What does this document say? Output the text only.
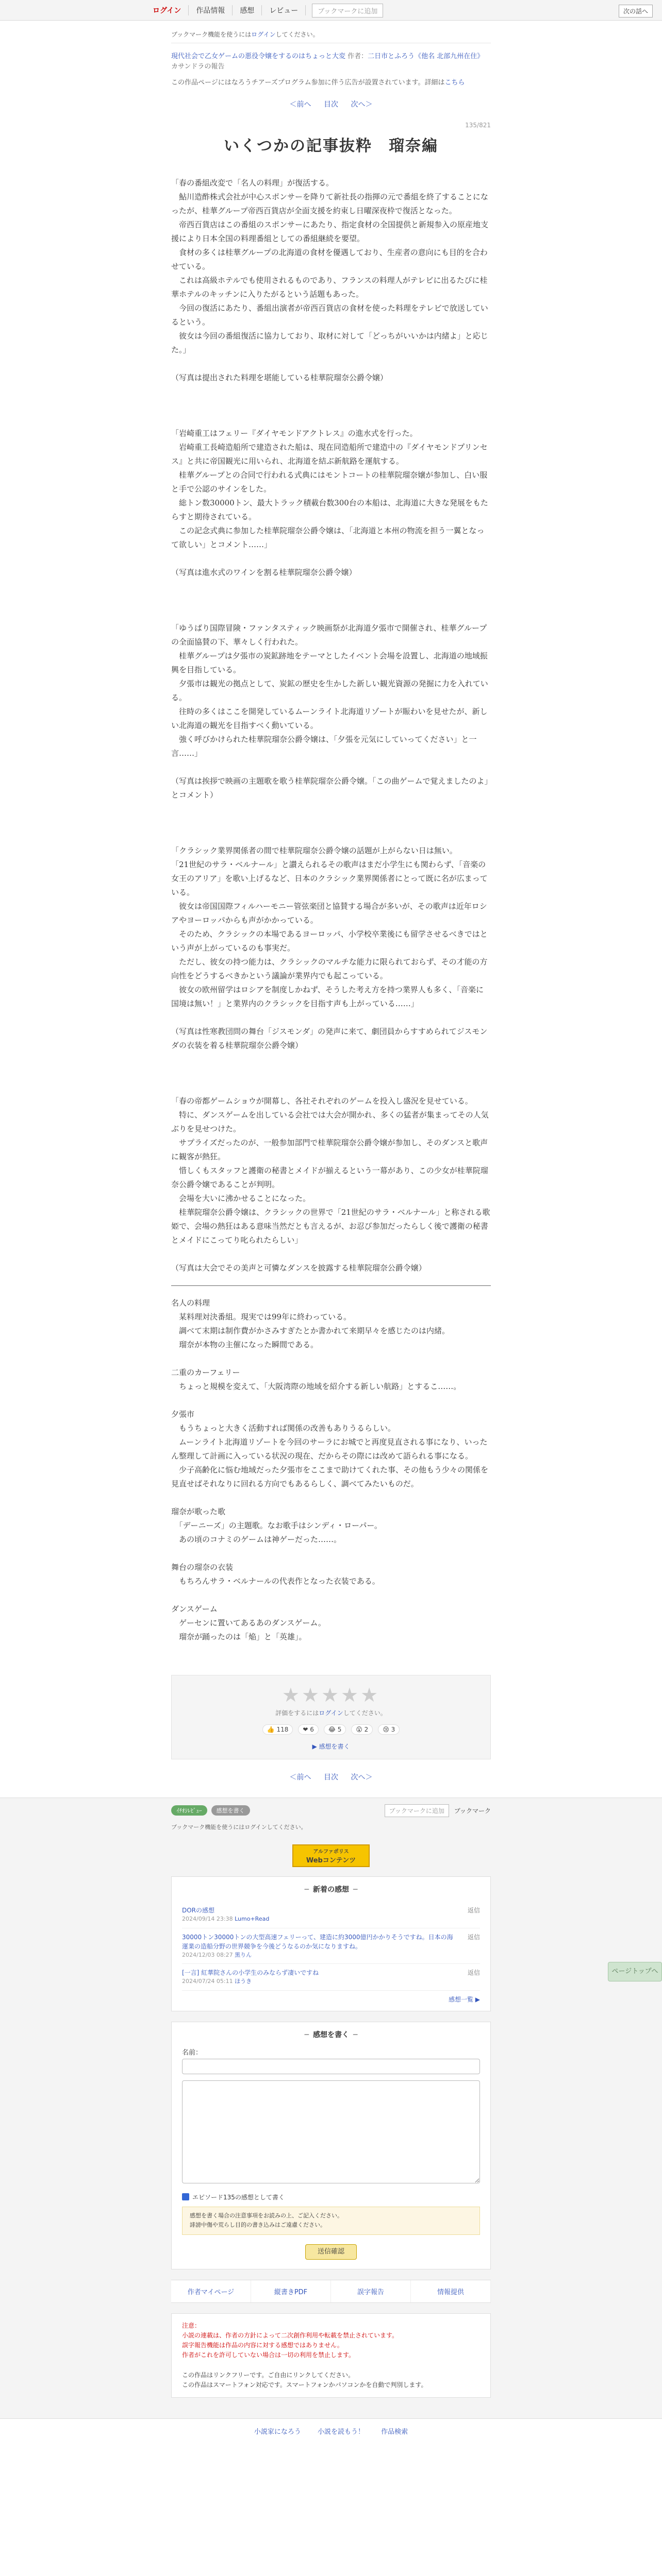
ログイン	作品情報	感想	レビュー	ブックマークに追加	次の話へ
ブックマーク機能を使うにはログインしてください。
現代社会で乙女ゲームの悪役令嬢をするのはちょっと大変 作者：二日市とふろう《他名 北部九州在住》
カサンドラの報告
この作品ページにはなろうチアーズプログラム参加に伴う広告が設置されています。詳細はこちら
＜前へ 目次 次へ＞
135/821
いくつかの記事抜粋　瑠奈編

「春の番組改変で「名人の料理」が復活する。

　鮎川造酢株式会社が中心スポンサーを降りて新社長の指揮の元で番組を終了することになったが、桂華グループ帝西百貨店が全面支援を約束し日曜深夜枠で復活となった。

　帝西百貨店はこの番組のスポンサーにあたり、指定食材の全国提供と新規参入の原産地支援により日本全国の料理番組としての番組継続を要望。

　食材の多くは桂華グループの北海道の食材を優遇しており、生産者の意向にも目的を合わせている。

　これは高級ホテルでも使用されるものであり、フランスの料理人がテレビに出るたびに桂華ホテルのキッチンに入りたがるという話題もあった。

　今回の復活にあたり、番組出演者が帝西百貨店の食材を使った料理をテレビで放送しているという。

　彼女は今回の番組復活に協力しており、取材に対して「どっちがいいかは内緒よ」と応じた。」

（写真は提出された料理を堪能している桂華院瑠奈公爵令嬢）

「岩崎重工はフェリー『ダイヤモンドアクトレス』の進水式を行った。

　岩崎重工長崎造船所で建造された船は、現在同造船所で建造中の『ダイヤモンドプリンセス』と共に帝国観光に用いられ、北海道を結ぶ新航路を運航する。

　桂華グループとの合同で行われる式典にはモントコートの桂華院瑠奈嬢が参加し、白い服と手で公認のサインをした。

　総トン数30000トン、最大トラック積載台数300台の本船は、北海道に大きな発展をもたらすと期待されている。

　この記念式典に参加した桂華院瑠奈公爵令嬢は、「北海道と本州の物流を担う一翼となって欲しい」とコメント……」

（写真は進水式のワインを割る桂華院瑠奈公爵令嬢）

「ゆうばり国際冒険・ファンタスティック映画祭が北海道夕張市で開催され、桂華グループの全面協賛の下、華々しく行われた。

　桂華グループは夕張市の炭鉱跡地をテーマとしたイベント会場を設置し、北海道の地域振興を目指している。

　夕張市は観光の拠点として、炭鉱の歴史を生かした新しい観光資源の発掘に力を入れている。

　往時の多くはここを開発しているムーンライト北海道リゾートが賑わいを見せたが、新しい北海道の観光を目指すべく動いている。

　強く呼びかけられた桂華院瑠奈公爵令嬢は、「夕張を元気にしていってください」と一言……」

（写真は挨拶で映画の主題歌を歌う桂華院瑠奈公爵令嬢。「この曲ゲームで覚えましたのよ」とコメント）

「クラシック業界関係者の間で桂華院瑠奈公爵令嬢の話題が上がらない日は無い。

「21世紀のサラ・ベルナール」と讃えられるその歌声はまだ小学生にも関わらず、「音楽の女王のアリア」を歌い上げるなど、日本のクラシック業界関係者にとって既に名が広まっている。

　彼女は帝国国際フィルハーモニー管弦楽団と協賛する場合が多いが、その歌声は近年ロシアやヨーロッパからも声がかかっている。

　そのため、クラシックの本場であるヨーロッパ、小学校卒業後にも留学させるべきではという声が上がっているのも事実だ。

　ただし、彼女の持つ能力は、クラシックのマルチな能力に限られておらず、その才能の方向性をどうするべきかという議論が業界内でも起こっている。

　彼女の欧州留学はロシアを制度しかねず、そうした考え方を持つ業界人も多く、「音楽に国境は無い！」と業界内のクラシックを目指す声も上がっている……」

（写真は性寒教団問の舞台「ジスモンダ」の発声に来て、劇団員からすすめられてジスモンダの衣装を着る桂華院瑠奈公爵令嬢）

「春の帝都ゲームショウが開幕し、各社それぞれのゲームを投入し盛況を見せている。

　特に、ダンスゲームを出している会社では大会が開かれ、多くの猛者が集まってその人気ぶりを見せつけた。

　サプライズだったのが、一般参加部門で桂華院瑠奈公爵令嬢が参加し、そのダンスと歌声に観客が熱狂。

　惜しくもスタッフと護衛の秘書とメイドが揃えるという一幕があり、この少女が桂華院瑠奈公爵令嬢であることが判明。

　会場を大いに沸かせることになった。

　桂華院瑠奈公爵令嬢は、クラシックの世界で「21世紀のサラ・ベルナール」と称される歌姫で、会場の熱狂はある意味当然だとも言えるが、お忍び参加だったらしく後で護衛の秘書とメイドにこってり叱られたらしい」

（写真は大会でその美声と可憐なダンスを披露する桂華院瑠奈公爵令嬢）

名人の料理

　某料理対決番組。現実では99年に終わっている。

　調べて末期は制作費がかさみすぎたとか書かれて来期早々を感じたのは内緒。

　瑠奈が本物の主催になった瞬間である。

二重のカーフェリー

　ちょっと規模を変えて、「大阪湾際の地域を紹介する新しい航路」とするこ……。

夕張市

　もうちょっと大きく活動すれば関係の改善もありうるらしい。

　ムーンライト北海道リゾートを今回のサーラにお城でと再度見直される事になり、いったん整理して計画に入っている状況の現在、だからその際には改めて語られる事になる。

　少子高齢化に悩む地域だった夕張市をここまで助けてくれた事、その他もう少々の関係を見直せばそれなりに回れる方向でもあるらしく、調べてみたいものだ。

瑠奈が歌った歌

　「デーニーズ」の主題歌。なお歌手はシンディ・ローパー。

　あの頃のコナミのゲームは神ゲーだった……。

舞台の瑠奈の衣装

　もちろんサラ・ベルナールの代表作となった衣装である。

ダンスゲーム

　ゲーセンに置いてあるあのダンスゲーム。

　瑠奈が踊ったのは「焔」と「英雄」。

★★★★★
評価をするにはログインしてください。
👍 118	❤ 6	😂 5	😮 2	😢 3
▶ 感想を書く
＜前へ 目次 次へ＞
ページトップへ
ｲﾁｵｼﾚﾋﾞｭｰ	感想を書く	ブックマークに追加	ブックマーク
ブックマーク機能を使うにはログインしてください。
アルファポリス
Webコンテンツ
─ 新着の感想 ─
DORの感想
2024/09/14 23:38 Lumo+Read
返信
30000トン30000トンの大型高速フェリーって、建造に約3000億円かかりそうですね。日本の海運業の造船分野の世界競争を今後どうなるのか気になりますね。
2024/12/03 08:27 黒りん
返信
[一言] 紅華院さんの小学生のみならず凄いですね
2024/07/24 05:11 ほうき
返信
感想一覧 ▶
─ 感想を書く ─
名前：

エピソード135の感想として書く
感想を書く場合の注意事項をお読みの上、ご記入ください。
誹謗中傷や荒らし目的の書き込みはご遠慮ください。
送信確認
作者マイページ	縦書きPDF	誤字報告	情報提供
注意：
小説の連載は、作者の方針によって二次創作利用や転載を禁止されています。
誤字報告機能は作品の内容に対する感想ではありません。
作者がこれを許可していない場合は一切の利用を禁止します。

この作品はリンクフリーです。ご自由にリンクしてください。
この作品はスマートフォン対応です。スマートフォンかパソコンかを自動で判別します。
小説家になろう 小説を読もう！ 作品検索
